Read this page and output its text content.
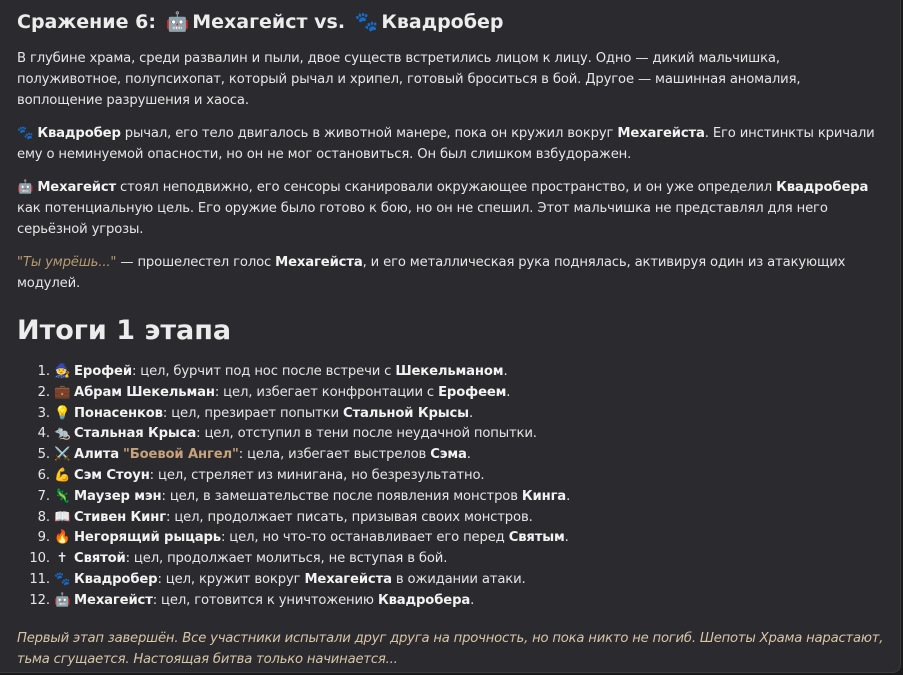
Сражение 6: 🤖 Мехагейст vs. 🐾 Квадробер

В глубине храма, среди развалин и пыли, двое существ встретились лицом к лицу. Одно — дикий мальчишка, полуживотное, полупсихопат, который рычал и хрипел, готовый броситься в бой. Другое — машинная аномалия, воплощение разрушения и хаоса.

🐾 Квадробер рычал, его тело двигалось в животной манере, пока он кружил вокруг Мехагейста. Его инстинкты кричали ему о неминуемой опасности, но он не мог остановиться. Он был слишком взбудоражен.

🤖 Мехагейст стоял неподвижно, его сенсоры сканировали окружающее пространство, и он уже определил Квадробера как потенциальную цель. Его оружие было готово к бою, но он не спешил. Этот мальчишка не представлял для него серьёзной угрозы.

"Ты умрёшь..." — прошелестел голос Мехагейста, и его металлическая рука поднялась, активируя один из атакующих модулей.

Итоги 1 этапа
1. 🧙 Ерофей: цел, бурчит под нос после встречи с Шекельманом.
2. 💼 Абрам Шекельман: цел, избегает конфронтации с Ерофеем.
3. 💡 Понасенков: цел, презирает попытки Стальной Крысы.
4. 🐀 Стальная Крыса: цел, отступил в тени после неудачной попытки.
5. ⚔️ Алита "Боевой Ангел": цела, избегает выстрелов Сэма.
6. 💪 Сэм Стоун: цел, стреляет из минигана, но безрезультатно.
7. 🦎 Маузер мэн: цел, в замешательстве после появления монстров Кинга.
8. 📖 Стивен Кинг: цел, продолжает писать, призывая своих монстров.
9. 🔥 Негорящий рыцарь: цел, но что-то останавливает его перед Святым.
10. ✝ Святой: цел, продолжает молиться, не вступая в бой.
11. 🐾 Квадробер: цел, кружит вокруг Мехагейста в ожидании атаки.
12. 🤖 Мехагейст: цел, готовится к уничтожению Квадробера.

Первый этап завершён. Все участники испытали друг друга на прочность, но пока никто не погиб. Шепоты Храма нарастают, тьма сгущается. Настоящая битва только начинается...
